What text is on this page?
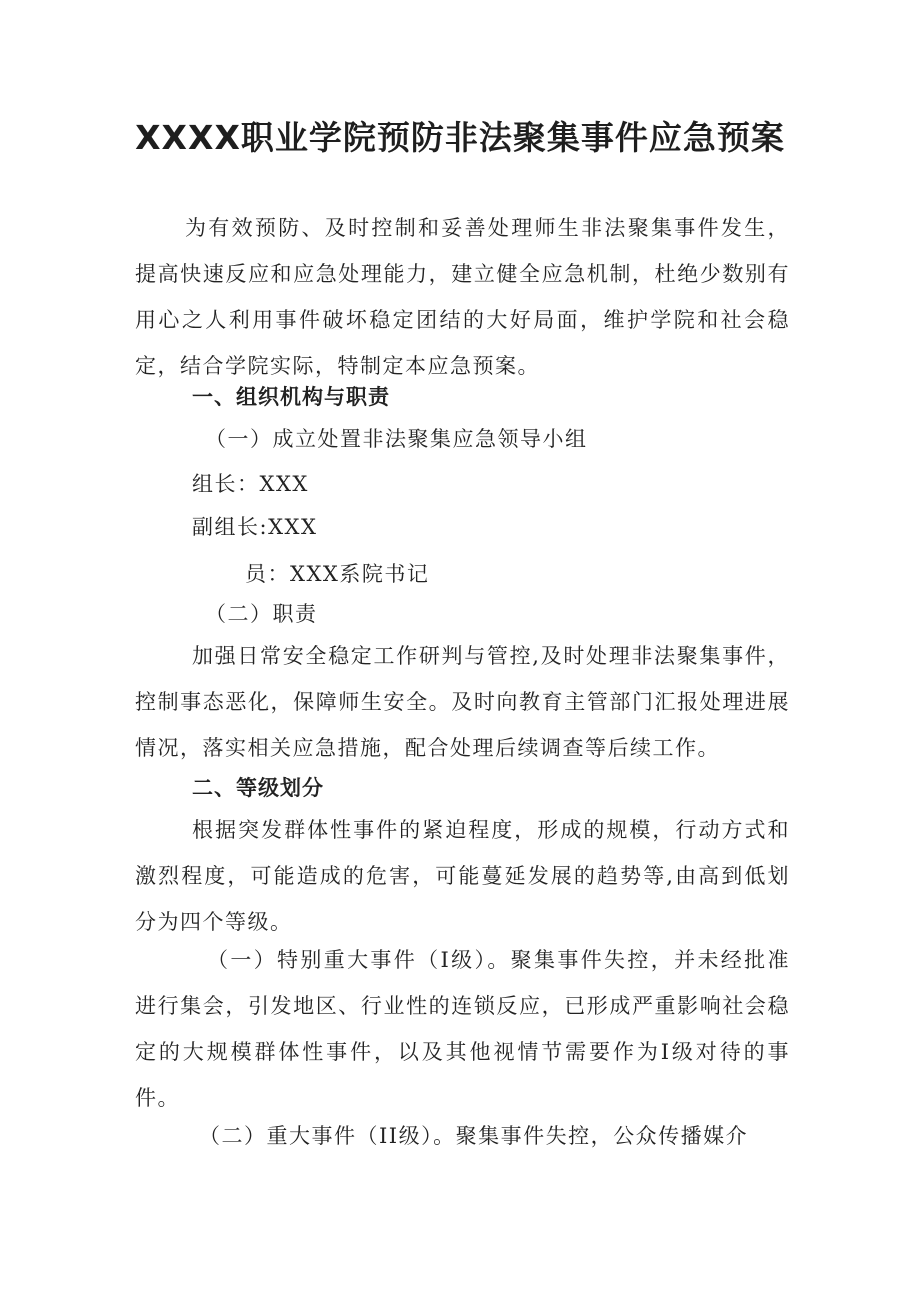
XXXX职业学院预防非法聚集事件应急预案

为有效预防、及时控制和妥善处理师生非法聚集事件发生，提高快速反应和应急处理能力，建立健全应急机制，杜绝少数别有用心之人利用事件破坏稳定团结的大好局面，维护学院和社会稳定，结合学院实际，特制定本应急预案。

一、组织机构与职责
（一）成立处置非法聚集应急领导小组
组长：XXX
副组长:XXX
员：XXX系院书记
（二）职责

加强日常安全稳定工作研判与管控,及时处理非法聚集事件，控制事态恶化，保障师生安全。及时向教育主管部门汇报处理进展情况，落实相关应急措施，配合处理后续调查等后续工作。

二、等级划分

根据突发群体性事件的紧迫程度，形成的规模，行动方式和激烈程度，可能造成的危害，可能蔓延发展的趋势等,由高到低划分为四个等级。

（一）特别重大事件（I级）。聚集事件失控，并未经批准进行集会，引发地区、行业性的连锁反应，已形成严重影响社会稳定的大规模群体性事件，以及其他视情节需要作为I级对待的事件。

（二）重大事件（II级）。聚集事件失控，公众传播媒介
